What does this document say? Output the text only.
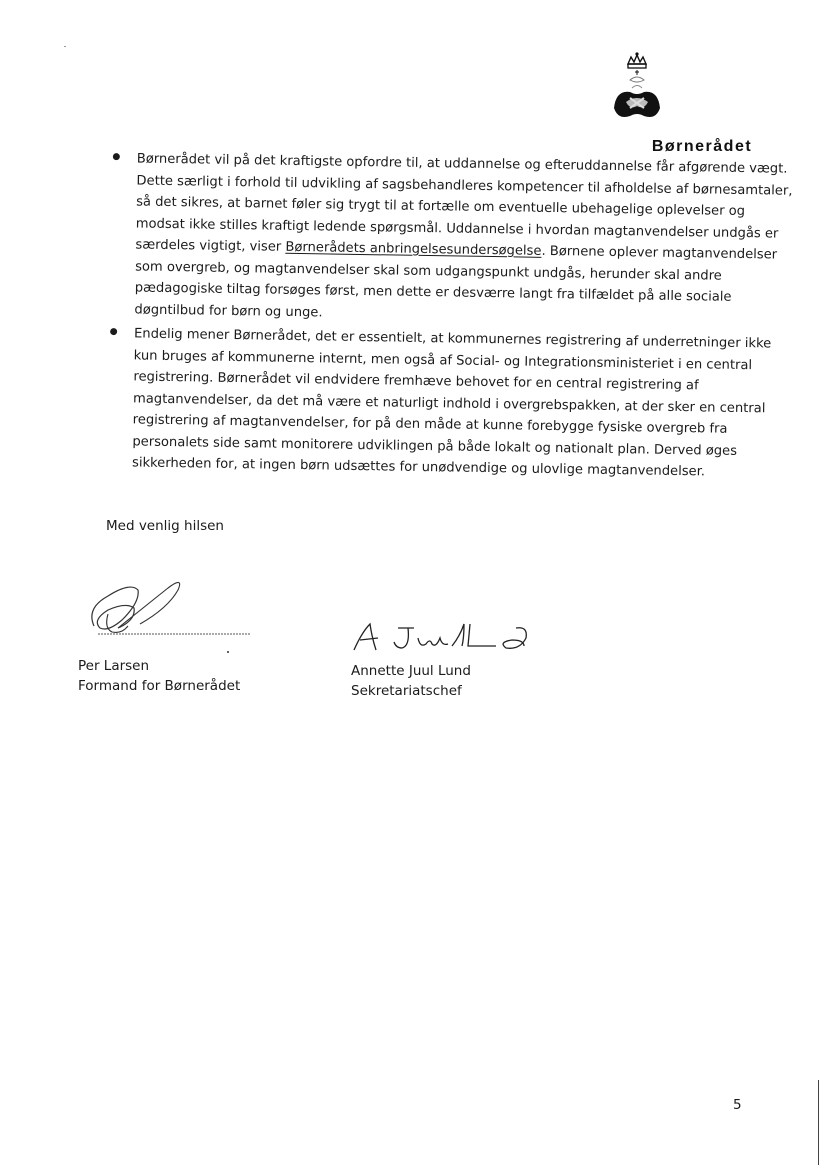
Børnerådet
Børnerådet vil på det kraftigste opfordre til, at uddannelse og efteruddannelse får afgørende vægt.
Dette særligt i forhold til udvikling af sagsbehandleres kompetencer til afholdelse af børnesamtaler,
så det sikres, at barnet føler sig trygt til at fortælle om eventuelle ubehagelige oplevelser og
modsat ikke stilles kraftigt ledende spørgsmål. Uddannelse i hvordan magtanvendelser undgås er
særdeles vigtigt, viser Børnerådets anbringelsesundersøgelse. Børnene oplever magtanvendelser
som overgreb, og magtanvendelser skal som udgangspunkt undgås, herunder skal andre
pædagogiske tiltag forsøges først, men dette er desværre langt fra tilfældet på alle sociale
døgntilbud for børn og unge.
Endelig mener Børnerådet, det er essentielt, at kommunernes registrering af underretninger ikke
kun bruges af kommunerne internt, men også af Social- og Integrationsministeriet i en central
registrering. Børnerådet vil endvidere fremhæve behovet for en central registrering af
magtanvendelser, da det må være et naturligt indhold i overgrebspakken, at der sker en central
registrering af magtanvendelser, for på den måde at kunne forebygge fysiske overgreb fra
personalets side samt monitorere udviklingen på både lokalt og nationalt plan. Derved øges
sikkerheden for, at ingen børn udsættes for unødvendige og ulovlige magtanvendelser.
Med venlig hilsen
Per Larsen
Formand for Børnerådet
Annette Juul Lund
Sekretariatschef
5
